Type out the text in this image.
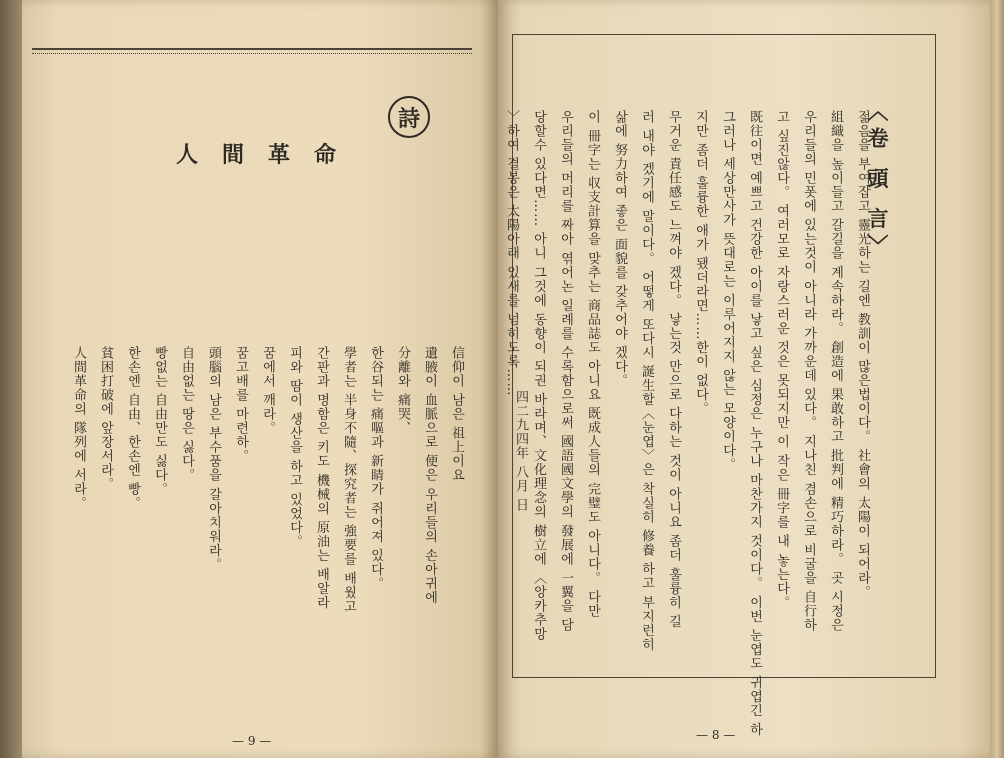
詩
人間革命
信仰이 남은 祖上이요
遺腋이 血脈으로 便은 우리들의 손아귀에
分離와 痛哭、
한谷되는 痛嘔과 新睛가 쥐어져 있다。
學者는 半身不隨、探究者는 強要를 배웠고
간판과 명함은 키도 機械의 原油는 배알라
피와 땀이 생산을 하고 있었다。
꿈에서 깨라。
꿈고배를 마련하。
頭腦의 남은 부수품을 갈아치워라。
自由없는 땅은 싫다。
빵없는 自由만도 싫다。
한손엔 自由、한손엔 빵。
貧困打破에 앞장서라。
人間革命의 隊列에 서라。
— 9 —
〈卷 頭 言〉
젊음을 부여잡고 靈光하는 길엔 教訓이 많은법이다。 社會의 太陽이 되어라。
組織을 높이들고 갈길을 계속하라。 創造에 果敢하고 批判에 精巧하라。 곳 시정은
우리들의 민폿에 있는것이 아니라 가까운데 있다。 지나친 겸손으로 비굴을 自行하
고 싶진않다。 여러모로 자랑스러운 것은 못되지만 이 작은 冊字를 내 놓는다。
既往이면 예쁘고 건강한 아이를 낳고 싶은 심정은 누구나 마찬가지 것이다。 이번 눈엽도 귀엽긴 하
그러나 세상만사가 뜻대로는 이루어지지 않는 모양이다。
지만 좀더 훌륭한 애가 됐더라면……한이 없다。
무거운 責任感도 느껴야 겠다。 낳는것 만으로 다하는 것이 아니요 좀더 훌륭히 길
러 내야 겠기에 말이다。 어떻게 또다시 誕生할〈눈엽〉은 착실히 修養 하고 부지런히
삶에 努力하여 좋은 面貌를 갖추어야 겠다。
이 冊字는 収支計算을 맞추는 商品誌도 아니요 既成人들의 完璧도 아니다。 다만
우리들의 머리를 짜아 엮어논 일례를 수록함으로써 國語國文學의 發展에 一翼을 담
당할수 있다면…… 아니 그것에 동향이 되권 바라며、文化理念의 樹立에 〈앙카추망
〉하여 결봉은 太陽아래 있새를 넘히도록……
四二九四年 八月 日
— 8 —
